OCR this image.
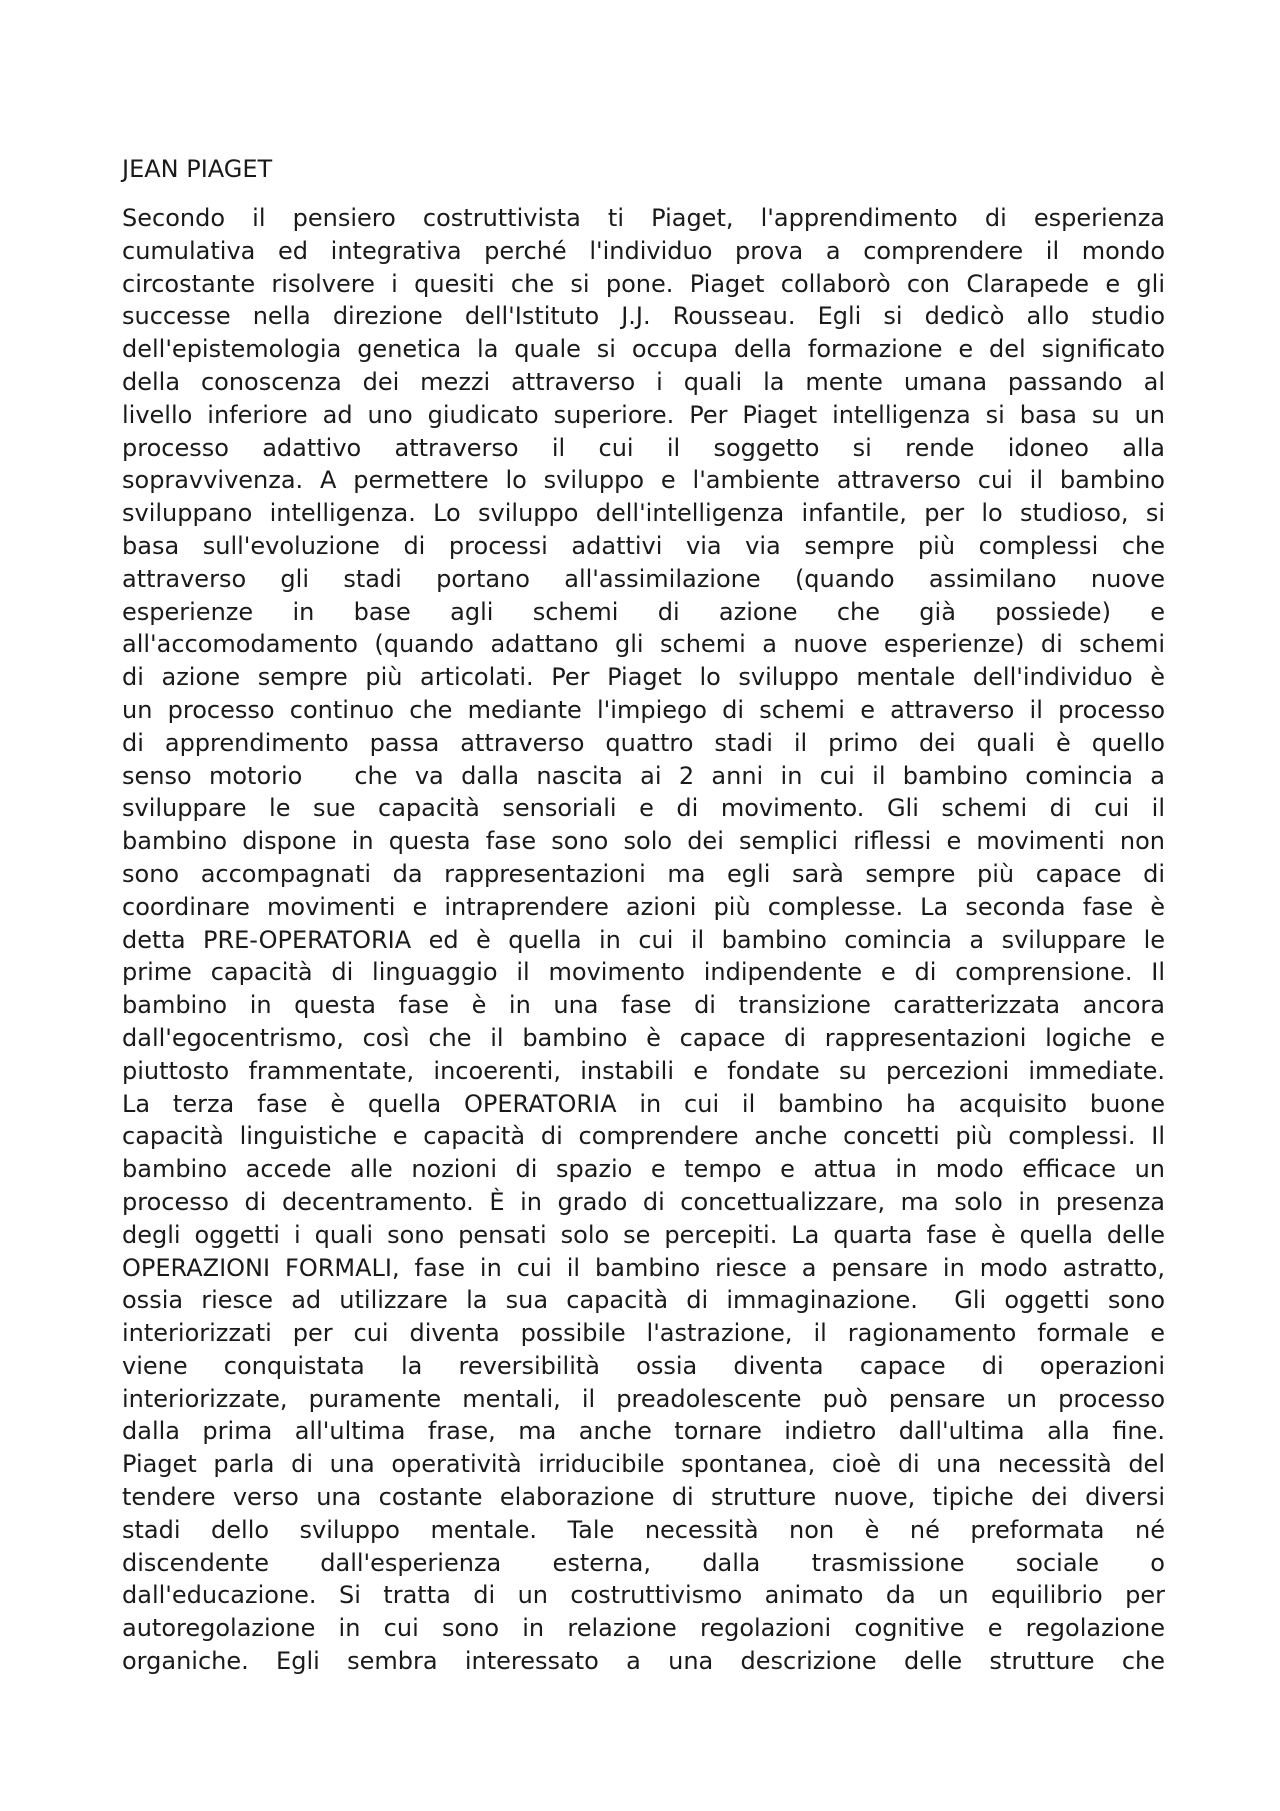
JEAN PIAGET
Secondo il pensiero costruttivista ti Piaget, l'apprendimento di esperienza
cumulativa ed integrativa perché l'individuo prova a comprendere il mondo
circostante risolvere i quesiti che si pone. Piaget collaborò con Clarapede e gli
successe nella direzione dell'Istituto J.J. Rousseau. Egli si dedicò allo studio
dell'epistemologia genetica la quale si occupa della formazione e del significato
della conoscenza dei mezzi attraverso i quali la mente umana passando al
livello inferiore ad uno giudicato superiore. Per Piaget intelligenza si basa su un
processo adattivo attraverso il cui il soggetto si rende idoneo alla
sopravvivenza. A permettere lo sviluppo e l'ambiente attraverso cui il bambino
sviluppano intelligenza. Lo sviluppo dell'intelligenza infantile, per lo studioso, si
basa sull'evoluzione di processi adattivi via via sempre più complessi che
attraverso gli stadi portano all'assimilazione (quando assimilano nuove
esperienze in base agli schemi di azione che già possiede) e
all'accomodamento (quando adattano gli schemi a nuove esperienze) di schemi
di azione sempre più articolati. Per Piaget lo sviluppo mentale dell'individuo è
un processo continuo che mediante l'impiego di schemi e attraverso il processo
di apprendimento passa attraverso quattro stadi il primo dei quali è quello
senso motorio   che va dalla nascita ai 2 anni in cui il bambino comincia a
sviluppare le sue capacità sensoriali e di movimento. Gli schemi di cui il
bambino dispone in questa fase sono solo dei semplici riflessi e movimenti non
sono accompagnati da rappresentazioni ma egli sarà sempre più capace di
coordinare movimenti e intraprendere azioni più complesse. La seconda fase è
detta PRE-OPERATORIA ed è quella in cui il bambino comincia a sviluppare le
prime capacità di linguaggio il movimento indipendente e di comprensione. Il
bambino in questa fase è in una fase di transizione caratterizzata ancora
dall'egocentrismo, così che il bambino è capace di rappresentazioni logiche e
piuttosto frammentate, incoerenti, instabili e fondate su percezioni immediate.
La terza fase è quella OPERATORIA in cui il bambino ha acquisito buone
capacità linguistiche e capacità di comprendere anche concetti più complessi. Il
bambino accede alle nozioni di spazio e tempo e attua in modo efficace un
processo di decentramento. È in grado di concettualizzare, ma solo in presenza
degli oggetti i quali sono pensati solo se percepiti. La quarta fase è quella delle
OPERAZIONI FORMALI, fase in cui il bambino riesce a pensare in modo astratto,
ossia riesce ad utilizzare la sua capacità di immaginazione.  Gli oggetti sono
interiorizzati per cui diventa possibile l'astrazione, il ragionamento formale e
viene conquistata la reversibilità ossia diventa capace di operazioni
interiorizzate, puramente mentali, il preadolescente può pensare un processo
dalla prima all'ultima frase, ma anche tornare indietro dall'ultima alla fine.
Piaget parla di una operatività irriducibile spontanea, cioè di una necessità del
tendere verso una costante elaborazione di strutture nuove, tipiche dei diversi
stadi dello sviluppo mentale. Tale necessità non è né preformata né
discendente dall'esperienza esterna, dalla trasmissione sociale o
dall'educazione. Si tratta di un costruttivismo animato da un equilibrio per
autoregolazione in cui sono in relazione regolazioni cognitive e regolazione
organiche. Egli sembra interessato a una descrizione delle strutture che
